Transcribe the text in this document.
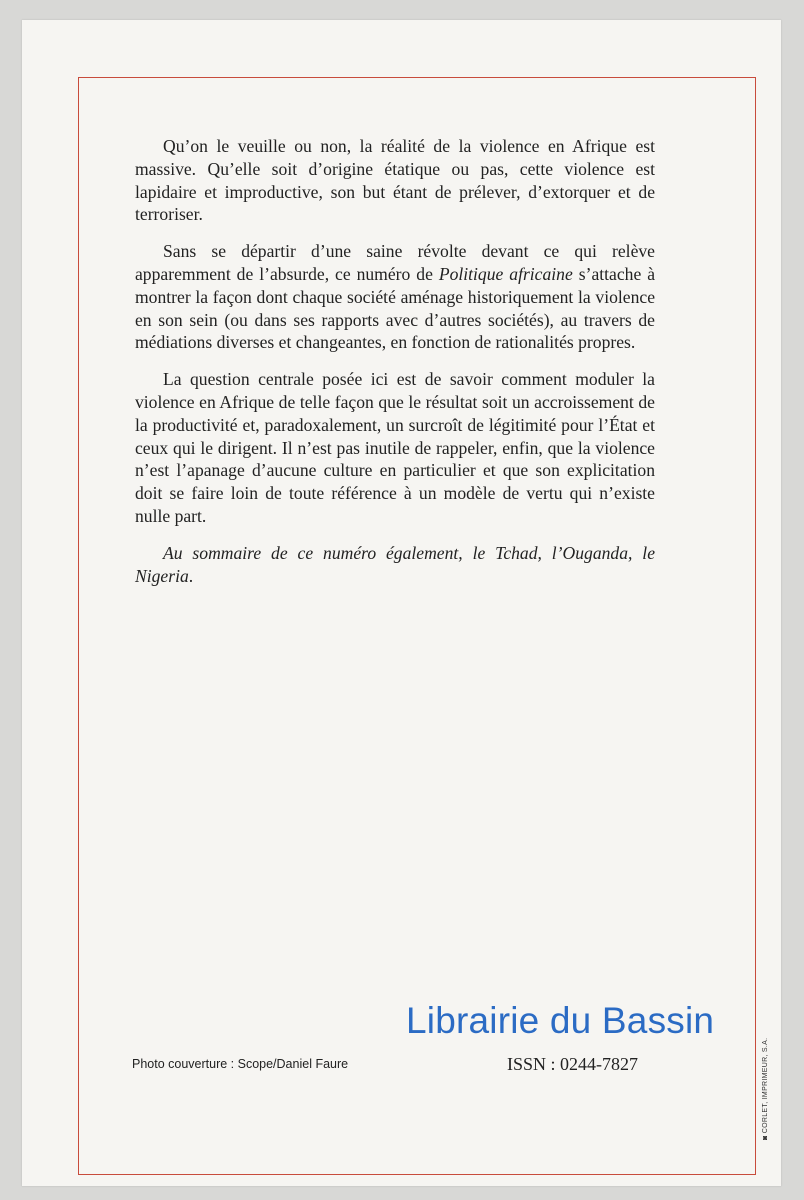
Qu’on le veuille ou non, la réalité de la violence en Afrique est massive. Qu’elle soit d’origine étatique ou pas, cette violence est lapidaire et improductive, son but étant de prélever, d’extorquer et de terroriser.

Sans se départir d’une saine révolte devant ce qui relève apparemment de l’absurde, ce numéro de Politique africaine s’attache à montrer la façon dont chaque société aménage historiquement la violence en son sein (ou dans ses rapports avec d’autres sociétés), au travers de médiations diverses et changeantes, en fonction de rationalités propres.

La question centrale posée ici est de savoir comment moduler la violence en Afrique de telle façon que le résultat soit un accroissement de la productivité et, paradoxalement, un surcroît de légitimité pour l’État et ceux qui le dirigent. Il n’est pas inutile de rappeler, enfin, que la violence n’est l’apanage d’aucune culture en particulier et que son explicitation doit se faire loin de toute référence à un modèle de vertu qui n’existe nulle part.

Au sommaire de ce numéro également, le Tchad, l’Ouganda, le Nigeria.

Librairie du Bassin
Photo couverture : Scope/Daniel Faure	ISSN : 0244-7827
◙ CORLET, IMPRIMEUR, S.A.
